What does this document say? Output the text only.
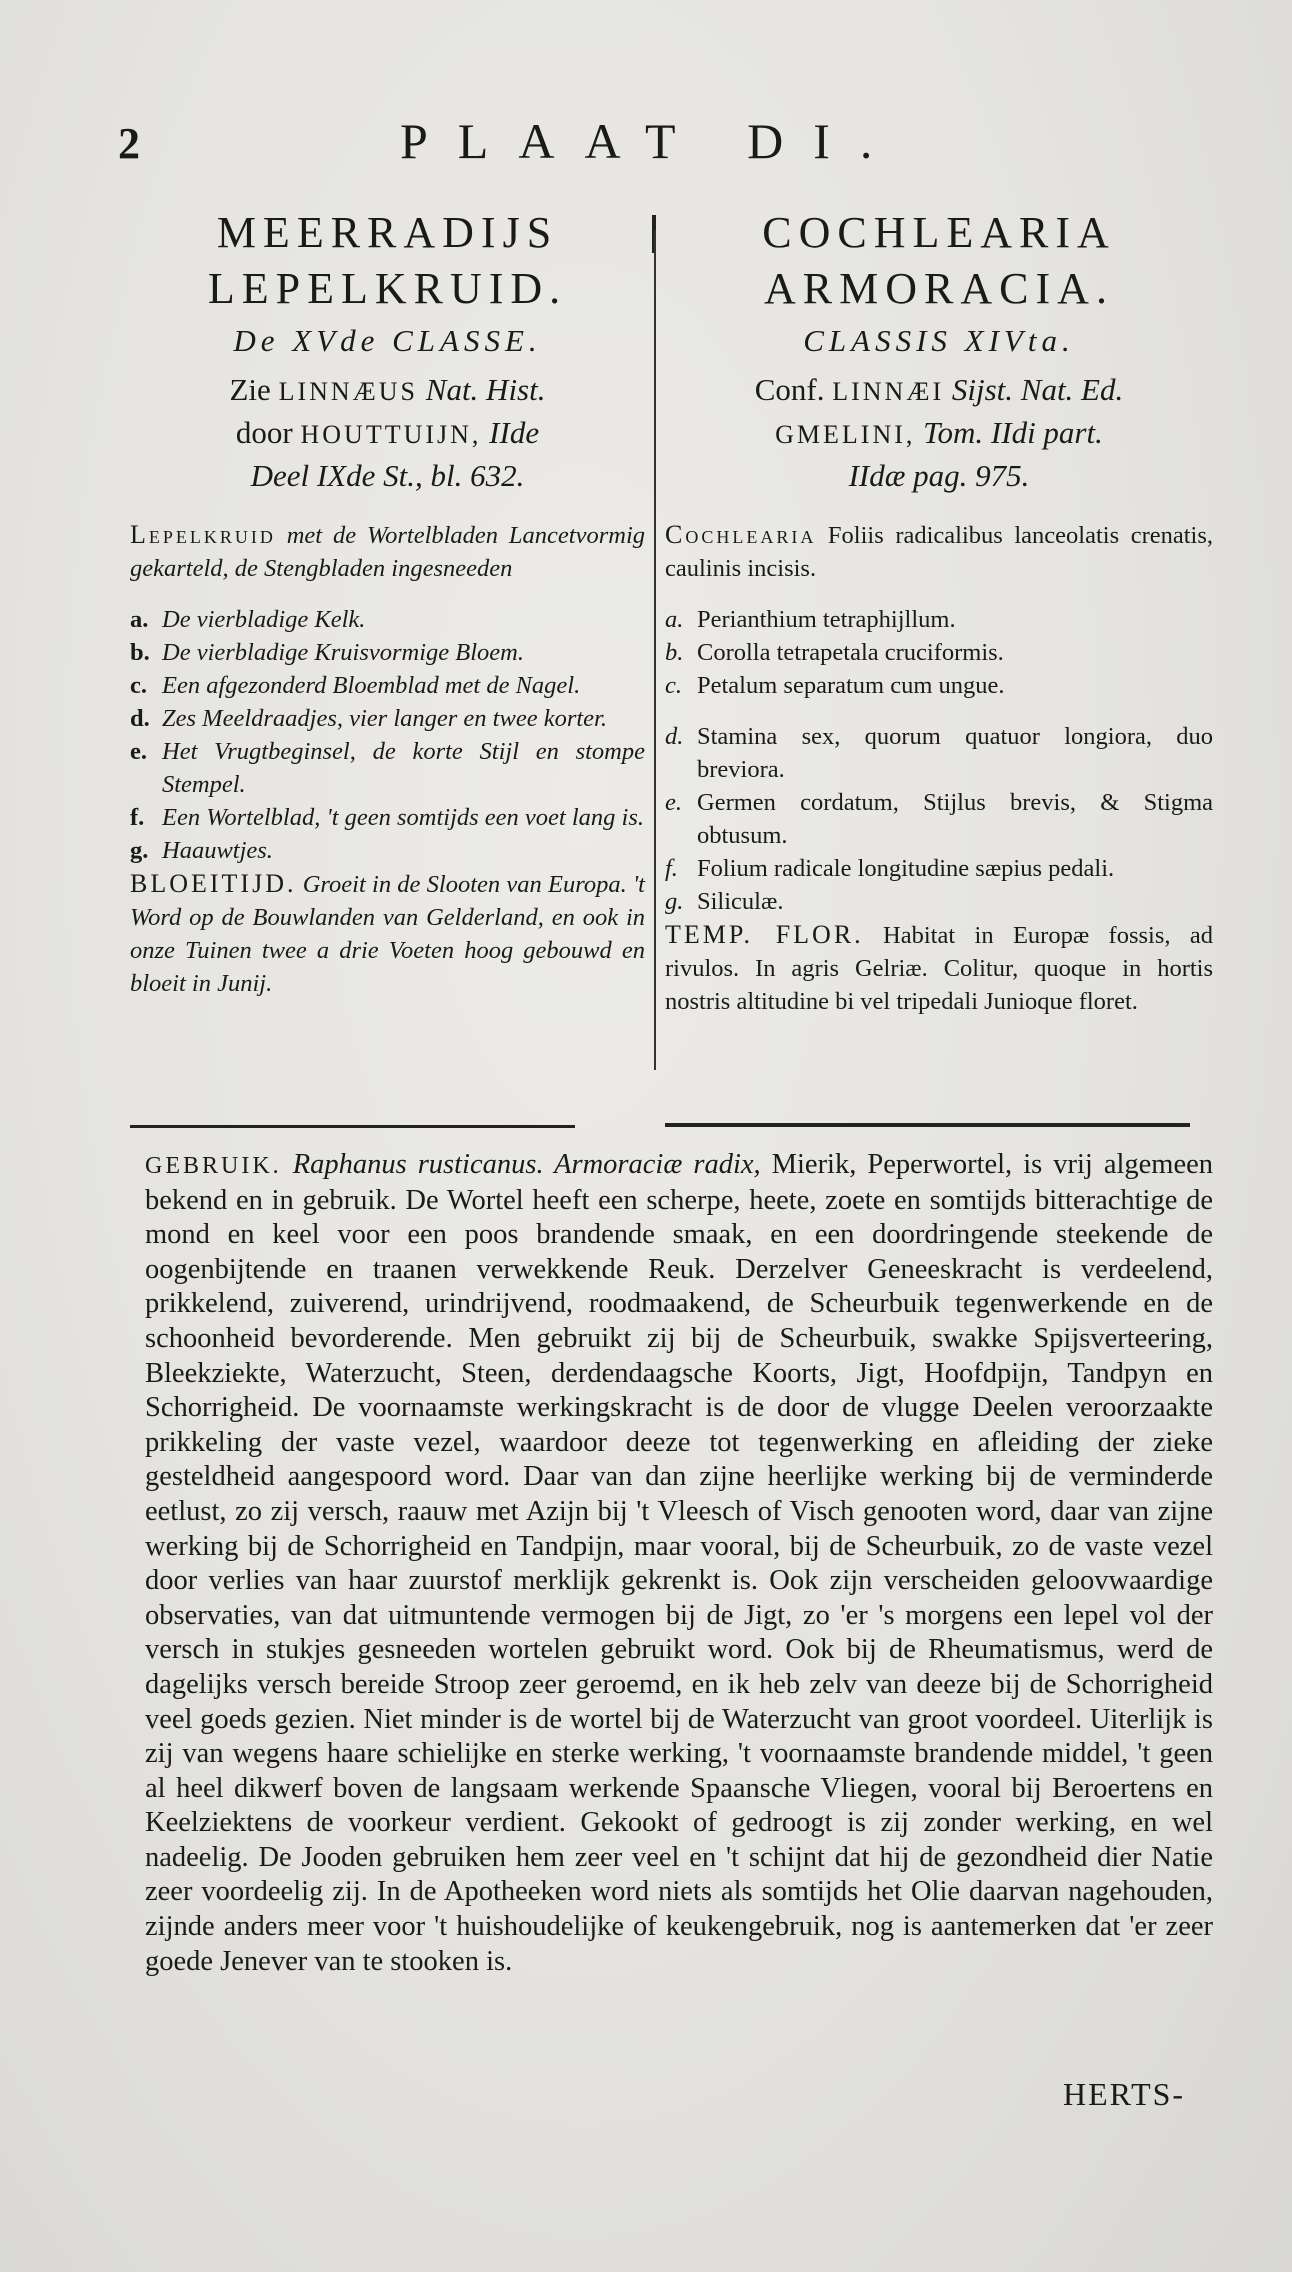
2	PLAAT DI.
MEERRADIJS
LEPELKRUID.
De XVde CLASSE.
Zie LINNÆUS Nat. Hist.
door HOUTTUIJN, IIde
Deel IXde St., bl. 632.
Lepelkruid met de Wortelbladen Lancetvormig gekarteld, de Stengbladen ingesneeden
a. De vierbladige Kelk.
b. De vierbladige Kruisvormige Bloem.
c. Een afgezonderd Bloemblad met de Nagel.
d. Zes Meeldraadjes, vier langer en twee korter.
e. Het Vrugtbeginsel, de korte Stijl en stompe Stempel.
f. Een Wortelblad, 't geen somtijds een voet lang is.
g. Haauwtjes.
BLOEITIJD. Groeit in de Slooten van Europa. 't Word op de Bouwlanden van Gelderland, en ook in onze Tuinen twee a drie Voeten hoog gebouwd en bloeit in Junij.
COCHLEARIA
ARMORACIA.
CLASSIS XIVta.
Conf. LINNÆI Sijst. Nat. Ed.
GMELINI, Tom. IIdi part.
IIdæ pag. 975.
Cochlearia Foliis radicalibus lanceolatis crenatis, caulinis incisis.
a. Perianthium tetraphijllum.
b. Corolla tetrapetala cruciformis.
c. Petalum separatum cum ungue.
d. Stamina sex, quorum quatuor longiora, duo breviora.
e. Germen cordatum, Stijlus brevis, & Stigma obtusum.
f. Folium radicale longitudine sæpius pedali.
g. Siliculæ.
TEMP. FLOR. Habitat in Europæ fossis, ad rivulos. In agris Gelriæ. Colitur, quoque in hortis nostris altitudine bi vel tripedali Junioque floret.
GEBRUIK. Raphanus rusticanus. Armoraciæ radix, Mierik, Peperwortel, is vrij algemeen bekend en in gebruik. De Wortel heeft een scherpe, heete, zoete en somtijds bitterachtige de mond en keel voor een poos brandende smaak, en een doordringende steekende de oogenbijtende en traanen verwekkende Reuk. Derzelver Geneeskracht is verdeelend, prikkelend, zuiverend, urindrijvend, roodmaakend, de Scheurbuik tegenwerkende en de schoonheid bevorderende. Men gebruikt zij bij de Scheurbuik, swakke Spijsverteering, Bleekziekte, Waterzucht, Steen, derdendaagsche Koorts, Jigt, Hoofdpijn, Tandpyn en Schorrigheid. De voornaamste werkingskracht is de door de vlugge Deelen veroorzaakte prikkeling der vaste vezel, waardoor deeze tot tegenwerking en afleiding der zieke gesteldheid aangespoord word. Daar van dan zijne heerlijke werking bij de verminderde eetlust, zo zij versch, raauw met Azijn bij 't Vleesch of Visch genooten word, daar van zijne werking bij de Schorrigheid en Tandpijn, maar vooral, bij de Scheurbuik, zo de vaste vezel door verlies van haar zuurstof merklijk gekrenkt is. Ook zijn verscheiden geloovwaardige observaties, van dat uitmuntende vermogen bij de Jigt, zo 'er 's morgens een lepel vol der versch in stukjes gesneeden wortelen gebruikt word. Ook bij de Rheumatismus, werd de dagelijks versch bereide Stroop zeer geroemd, en ik heb zelv van deeze bij de Schorrigheid veel goeds gezien. Niet minder is de wortel bij de Waterzucht van groot voordeel. Uiterlijk is zij van wegens haare schielijke en sterke werking, 't voornaamste brandende middel, 't geen al heel dikwerf boven de langsaam werkende Spaansche Vliegen, vooral bij Beroertens en Keelziektens de voorkeur verdient. Gekookt of gedroogt is zij zonder werking, en wel nadeelig. De Jooden gebruiken hem zeer veel en 't schijnt dat hij de gezondheid dier Natie zeer voordeelig zij. In de Apotheeken word niets als somtijds het Olie daarvan nagehouden, zijnde anders meer voor 't huishoudelijke of keukengebruik, nog is aantemerken dat 'er zeer goede Jenever van te stooken is.
HERTS-
